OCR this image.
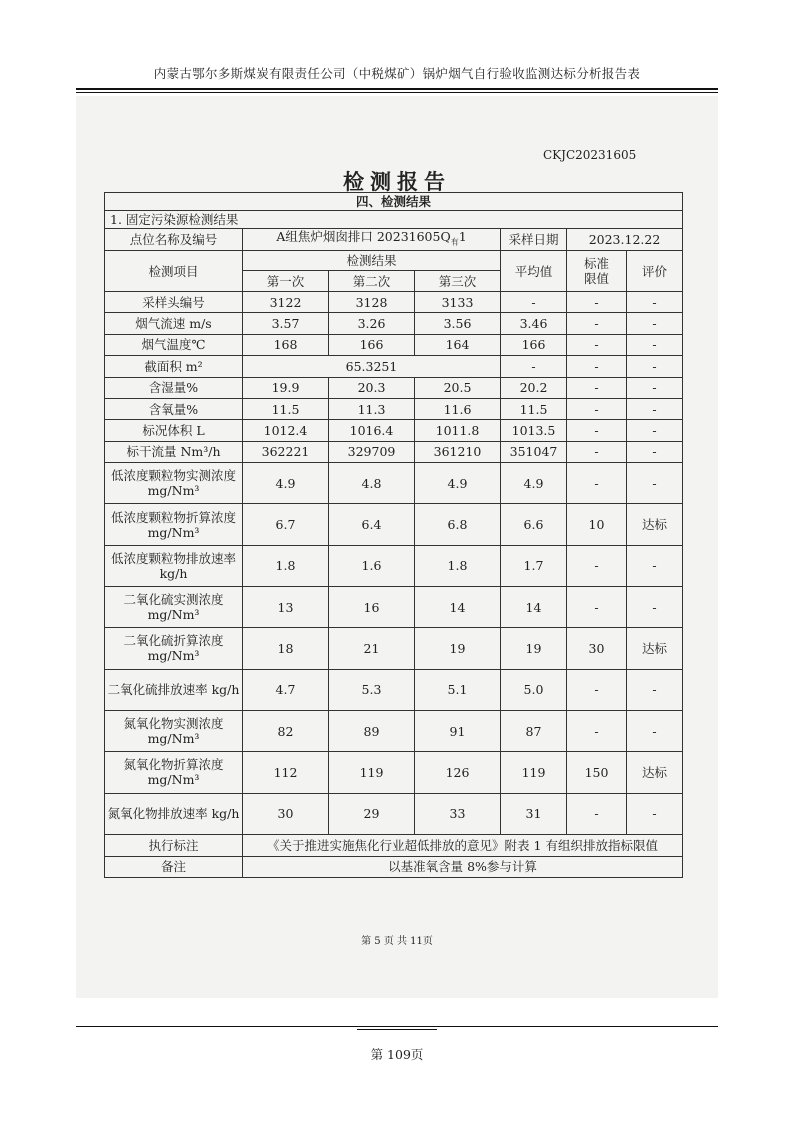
内蒙古鄂尔多斯煤炭有限责任公司（中税煤矿）锅炉烟气自行验收监测达标分析报告表
CKJC20231605
检测报告
四、检测结果						
1. 固定污染源检测结果						
点位名称及编号	A组焦炉烟囱排口 $20231605Q_有1$			采样日期	2023.12.22	
检测项目	检测结果			平均值	标准限值	评价
	第一次	第二次	第三次			
采样头编号	3122	3128	3133	-	-	-
烟气流速 m/s	3.57	3.26	3.56	3.46	-	-
烟气温度℃	168	166	164	166	-	-
截面积 m²	65.3251			-	-	-
含湿量%	19.9	20.3	20.5	20.2	-	-
含氧量%	11.5	11.3	11.6	11.5	-	-
标况体积 L	1012.4	1016.4	1011.8	1013.5	-	-
标干流量 Nm³/h	362221	329709	361210	351047	-	-
低浓度颗粒物实测浓度 mg/Nm³	4.9	4.8	4.9	4.9	-	-
低浓度颗粒物折算浓度 mg/Nm³	6.7	6.4	6.8	6.6	10	达标
低浓度颗粒物排放速率 kg/h	1.8	1.6	1.8	1.7	-	-
二氧化硫实测浓度 mg/Nm³	13	16	14	14	-	-
二氧化硫折算浓度 mg/Nm³	18	21	19	19	30	达标
二氧化硫排放速率 kg/h	4.7	5.3	5.1	5.0	-	-
氮氧化物实测浓度 mg/Nm³	82	89	91	87	-	-
氮氧化物折算浓度 mg/Nm³	112	119	126	119	150	达标
氮氧化物排放速率 kg/h	30	29	33	31	-	-
执行标注	《关于推进实施焦化行业超低排放的意见》附表 1 有组织排放指标限值					
备注	以基准氧含量 8%参与计算					
第 5 页 共 11页
第 109页
